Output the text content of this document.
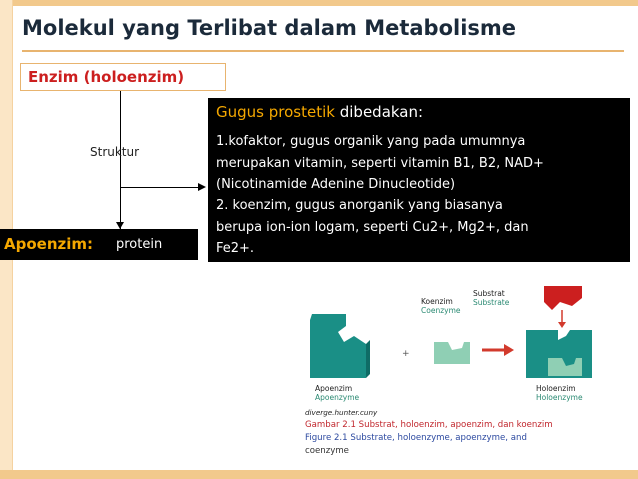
Molekul yang Terlibat dalam Metabolisme
Enzim (holoenzim)
Struktur
Apoenzim: protein
Gugus prostetik dibedakan:
1.kofaktor, gugus organik yang pada umumnya
merupakan vitamin, seperti vitamin B1, B2, NAD+
(Nicotinamide Adenine Dinucleotide)
2. koenzim, gugus anorganik yang biasanya
berupa ion-ion logam, seperti Cu2+, Mg2+, dan
Fe2+.
+
Substrat
Substrate
Koenzim
Coenzyme
Apoenzim
Apoenzyme
Holoenzim
Holoenzyme
diverge.hunter.cuny
Gambar 2.1 Substrat, holoenzim, apoenzim, dan koenzim
Figure 2.1 Substrate, holoenzyme, apoenzyme, and
coenzyme
